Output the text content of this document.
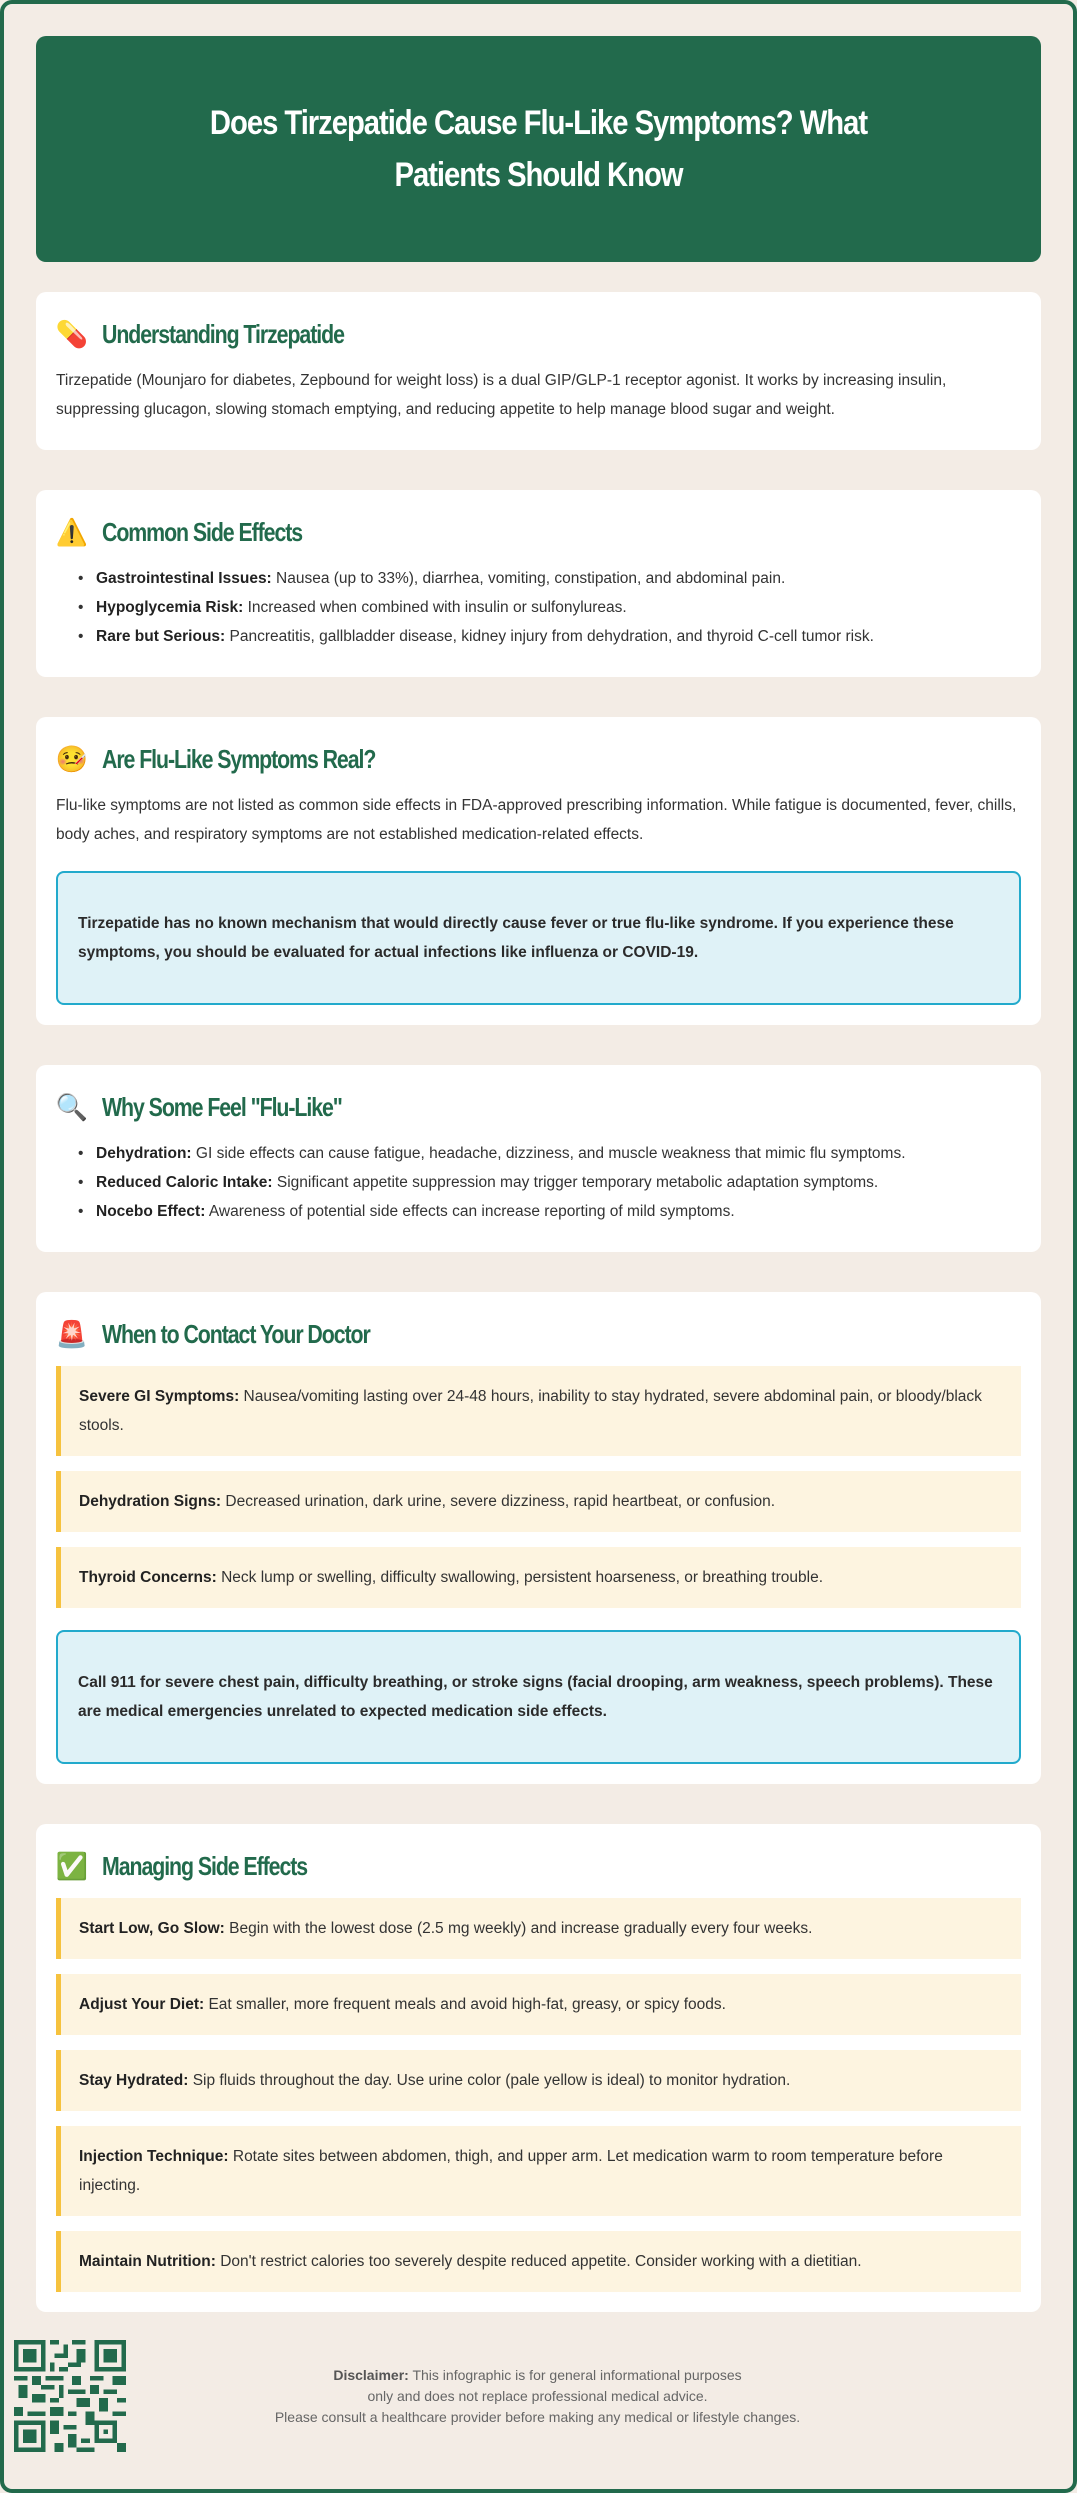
Does Tirzepatide Cause Flu-Like Symptoms? What Patients Should Know
💊 Understanding Tirzepatide

Tirzepatide (Mounjaro for diabetes, Zepbound for weight loss) is a dual GIP/GLP-1 receptor agonist. It works by increasing insulin, suppressing glucagon, slowing stomach emptying, and reducing appetite to help manage blood sugar and weight.

⚠️ Common Side Effects
• Gastrointestinal Issues: Nausea (up to 33%), diarrhea, vomiting, constipation, and abdominal pain.
• Hypoglycemia Risk: Increased when combined with insulin or sulfonylureas.
• Rare but Serious: Pancreatitis, gallbladder disease, kidney injury from dehydration, and thyroid C-cell tumor risk.
🤒 Are Flu-Like Symptoms Real?

Flu-like symptoms are not listed as common side effects in FDA-approved prescribing information. While fatigue is documented, fever, chills, body aches, and respiratory symptoms are not established medication-related effects.

Tirzepatide has no known mechanism that would directly cause fever or true flu-like syndrome. If you experience these symptoms, you should be evaluated for actual infections like influenza or COVID-19.
🔍 Why Some Feel "Flu-Like"
• Dehydration: GI side effects can cause fatigue, headache, dizziness, and muscle weakness that mimic flu symptoms.
• Reduced Caloric Intake: Significant appetite suppression may trigger temporary metabolic adaptation symptoms.
• Nocebo Effect: Awareness of potential side effects can increase reporting of mild symptoms.
🚨 When to Contact Your Doctor
Severe GI Symptoms: Nausea/vomiting lasting over 24-48 hours, inability to stay hydrated, severe abdominal pain, or bloody/black stools.
Dehydration Signs: Decreased urination, dark urine, severe dizziness, rapid heartbeat, or confusion.
Thyroid Concerns: Neck lump or swelling, difficulty swallowing, persistent hoarseness, or breathing trouble.
Call 911 for severe chest pain, difficulty breathing, or stroke signs (facial drooping, arm weakness, speech problems). These are medical emergencies unrelated to expected medication side effects.
✅ Managing Side Effects
Start Low, Go Slow: Begin with the lowest dose (2.5 mg weekly) and increase gradually every four weeks.
Adjust Your Diet: Eat smaller, more frequent meals and avoid high-fat, greasy, or spicy foods.
Stay Hydrated: Sip fluids throughout the day. Use urine color (pale yellow is ideal) to monitor hydration.
Injection Technique: Rotate sites between abdomen, thigh, and upper arm. Let medication warm to room temperature before injecting.
Maintain Nutrition: Don't restrict calories too severely despite reduced appetite. Consider working with a dietitian.
Disclaimer: This infographic is for general informational purposes
only and does not replace professional medical advice.
Please consult a healthcare provider before making any medical or lifestyle changes.
